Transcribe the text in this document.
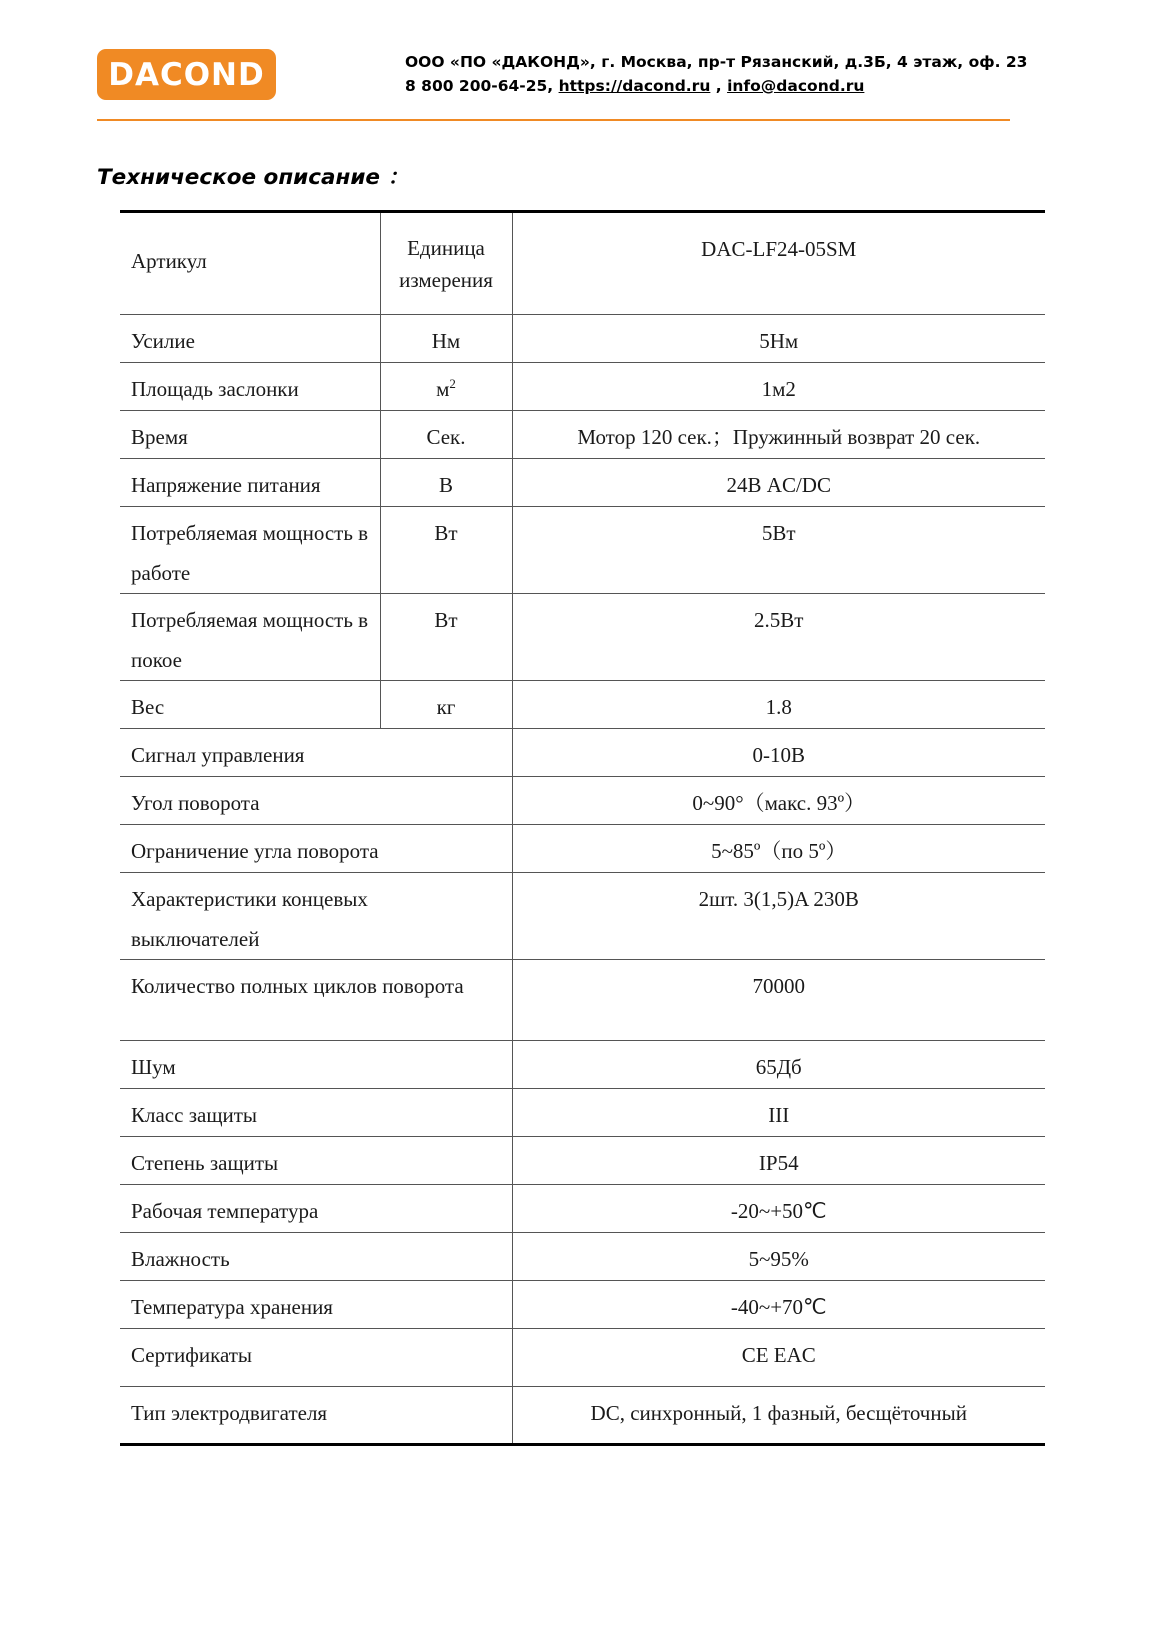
DACOND	ООО «ПО «ДАКОНД», г. Москва, пр-т Рязанский, д.3Б, 4 этаж, оф. 23
8 800 200-64-25, https://dacond.ru , info@dacond.ru
Техническое описание ：
Артикул	Единица измерения	DAC-LF24-05SM
Усилие	Нм	5Нм
Площадь заслонки	$м^2$	1м2
Время	Сек.	Мотор 120 сек.；Пружинный возврат 20 сек.
Напряжение питания	В	24В AC/DC
Потребляемая мощность в работе	Вт	5Вт
Потребляемая мощность в покое	Вт	2.5Вт
Вес	кг	1.8
Сигнал управления		0-10В
Угол поворота		0~90°（макс. 93º）
Ограничение угла поворота		5~85º（по 5º）
Характеристики концевых выключателей		2шт. 3(1,5)A 230В
Количество полных циклов поворота		70000
Шум		65Дб
Класс защиты		III
Степень защиты		IP54
Рабочая температура		-20~+50℃
Влажность		5~95%
Температура хранения		-40~+70℃
Сертификаты		CE EAC
Тип электродвигателя		DC, синхронный, 1 фазный, бесщёточный
